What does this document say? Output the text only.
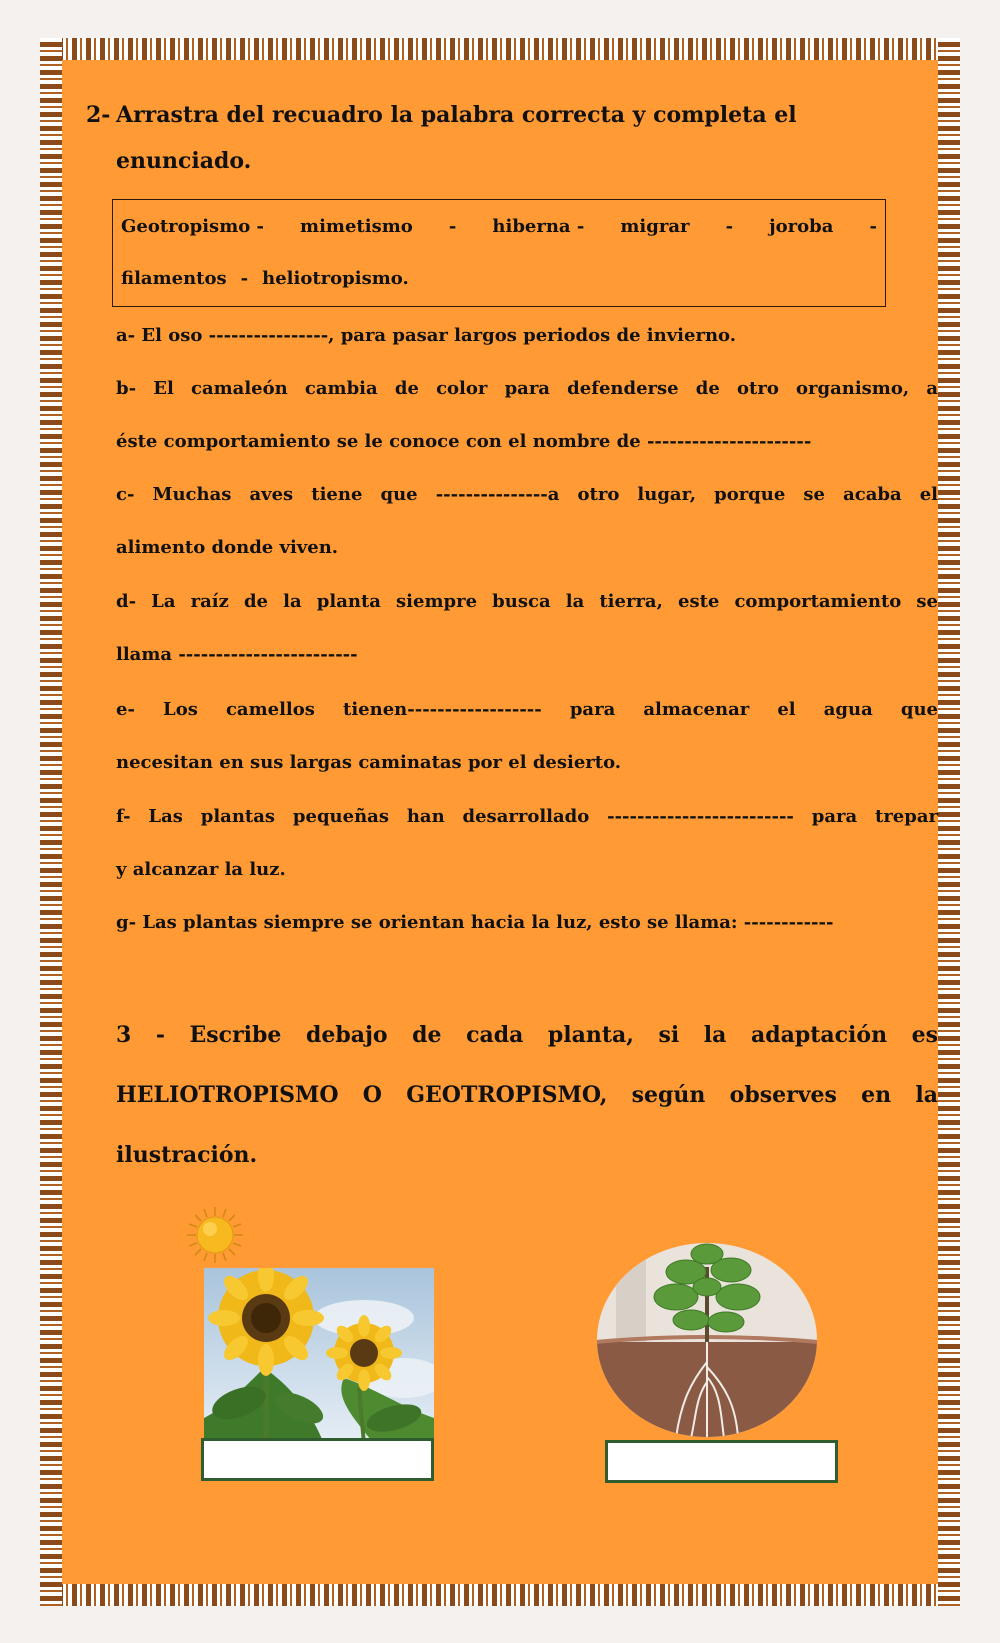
2- Arrastra del recuadro la palabra correcta y completa el enunciado.
Geotropismo - mimetismo - hiberna - migrar - joroba -
filamentos - heliotropismo.
a- El oso ----------------, para pasar largos periodos de invierno.
b- El camaleón cambia de color para defenderse de otro organismo, a
éste comportamiento se le conoce con el nombre de ----------------------
c- Muchas aves tiene que ---------------a otro lugar, porque se acaba el
alimento donde viven.
d- La raíz de la planta siempre busca la tierra, este comportamiento se
llama ------------------------
e- Los camellos tienen------------------ para almacenar el agua que
necesitan en sus largas caminatas por el desierto.
f- Las plantas pequeñas han desarrollado ------------------------- para trepar
y alcanzar la luz.
g- Las plantas siempre se orientan hacia la luz, esto se llama: ------------
3 - Escribe debajo de cada planta, si la adaptación es
HELIOTROPISMO O GEOTROPISMO, según observes en la
ilustración.
